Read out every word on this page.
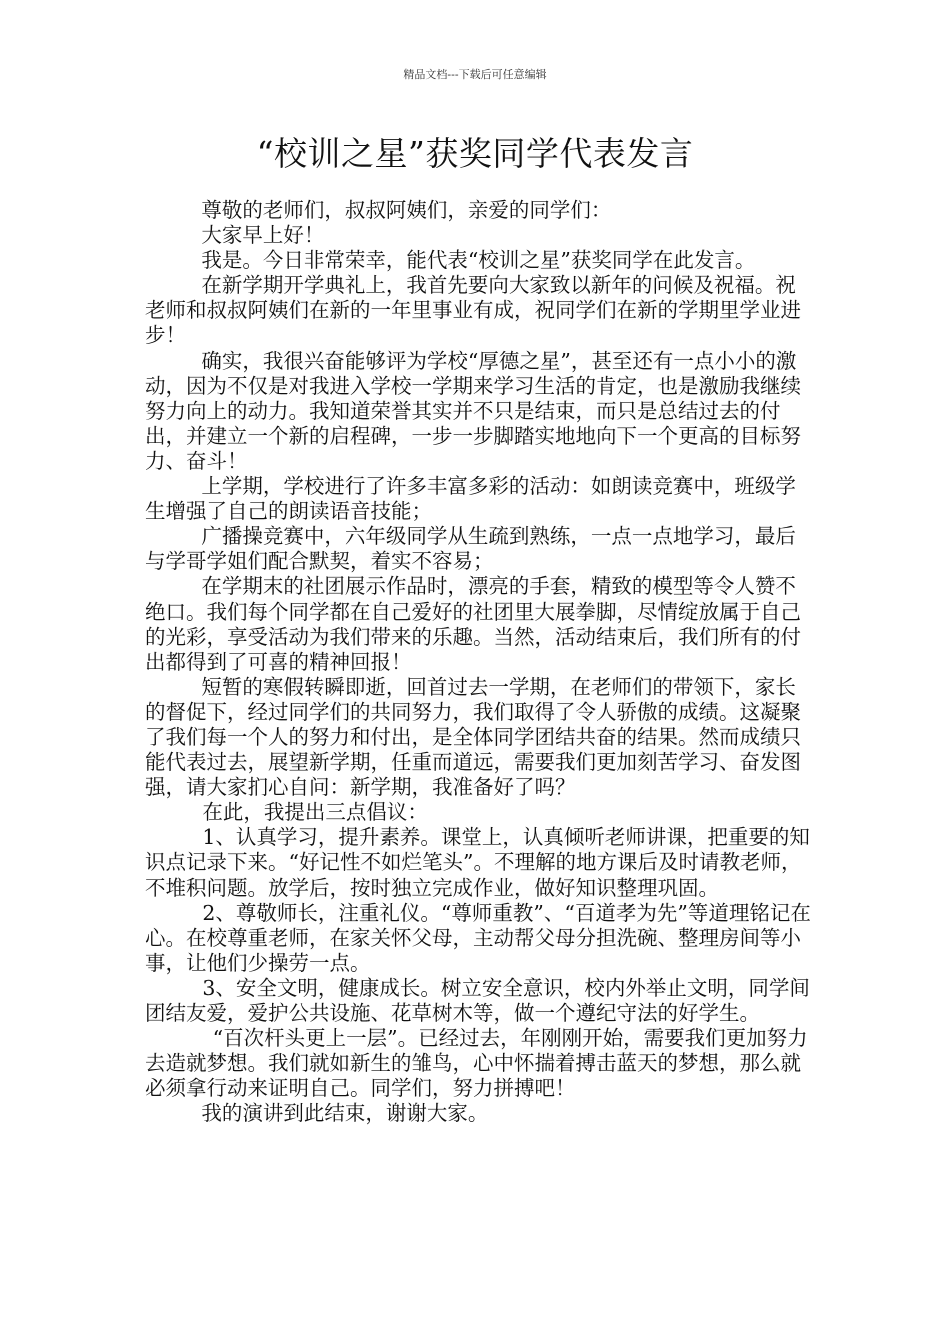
精品文档---下载后可任意编辑
“校训之星”获奖同学代表发言

尊敬的老师们，叔叔阿姨们，亲爱的同学们：

大家早上好！

我是。今日非常荣幸，能代表“校训之星”获奖同学在此发言。

在新学期开学典礼上，我首先要向大家致以新年的问候及祝福。祝老师和叔叔阿姨们在新的一年里事业有成，祝同学们在新的学期里学业进步！

确实，我很兴奋能够评为学校“厚德之星”，甚至还有一点小小的激动，因为不仅是对我进入学校一学期来学习生活的肯定，也是激励我继续努力向上的动力。我知道荣誉其实并不只是结束，而只是总结过去的付出，并建立一个新的启程碑，一步一步脚踏实地地向下一个更高的目标努力、奋斗！

上学期，学校进行了许多丰富多彩的活动：如朗读竞赛中，班级学生增强了自己的朗读语音技能；

广播操竞赛中，六年级同学从生疏到熟练，一点一点地学习，最后与学哥学姐们配合默契，着实不容易；

在学期末的社团展示作品时，漂亮的手套，精致的模型等令人赞不绝口。我们每个同学都在自己爱好的社团里大展拳脚，尽情绽放属于自己的光彩，享受活动为我们带来的乐趣。当然，活动结束后，我们所有的付出都得到了可喜的精神回报！

短暂的寒假转瞬即逝，回首过去一学期，在老师们的带领下，家长的督促下，经过同学们的共同努力，我们取得了令人骄傲的成绩。这凝聚了我们每一个人的努力和付出，是全体同学团结共奋的结果。然而成绩只能代表过去，展望新学期，任重而道远，需要我们更加刻苦学习、奋发图强，请大家扪心自问：新学期，我准备好了吗？

在此，我提出三点倡议：

1、认真学习，提升素养。课堂上，认真倾听老师讲课，把重要的知识点记录下来。“好记性不如烂笔头”。不理解的地方课后及时请教老师，不堆积问题。放学后，按时独立完成作业，做好知识整理巩固。

2、尊敬师长，注重礼仪。“尊师重教”、“百道孝为先”等道理铭记在心。在校尊重老师，在家关怀父母，主动帮父母分担洗碗、整理房间等小事，让他们少操劳一点。

3、安全文明，健康成长。树立安全意识，校内外举止文明，同学间团结友爱，爱护公共设施、花草树木等，做一个遵纪守法的好学生。

“百次杆头更上一层”。已经过去，年刚刚开始，需要我们更加努力去造就梦想。我们就如新生的雏鸟，心中怀揣着搏击蓝天的梦想，那么就必须拿行动来证明自己。同学们，努力拼搏吧！

我的演讲到此结束，谢谢大家。
